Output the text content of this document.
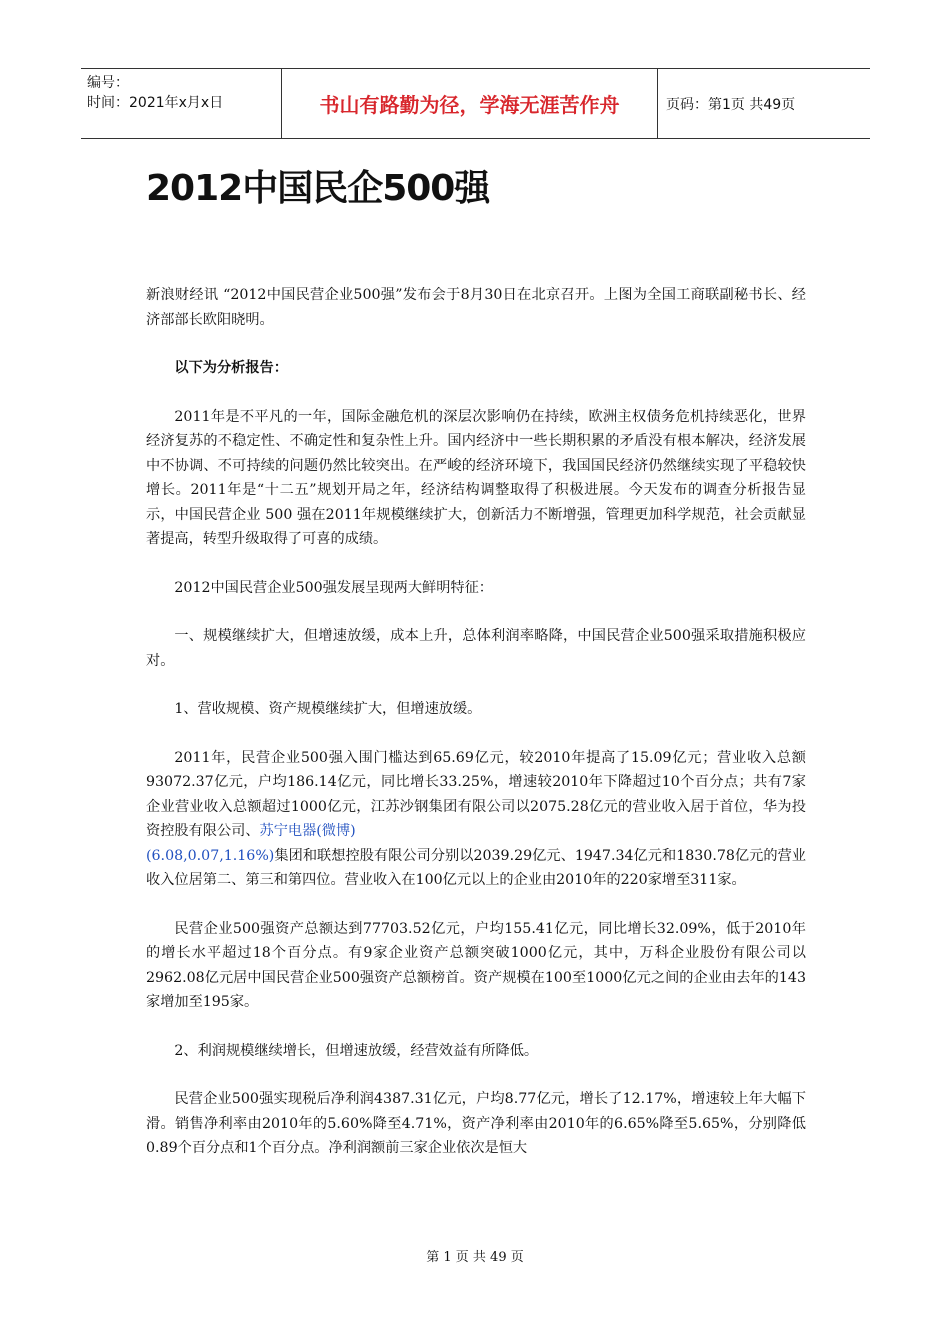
编号：
时间：2021年x月x日	书山有路勤为径，学海无涯苦作舟	页码：第1页 共49页
2012中国民企500强

新浪财经讯 “2012中国民营企业500强”发布会于8月30日在北京召开。上图为全国工商联副秘书长、经济部部长欧阳晓明。

以下为分析报告：

2011年是不平凡的一年，国际金融危机的深层次影响仍在持续，欧洲主权债务危机持续恶化，世界经济复苏的不稳定性、不确定性和复杂性上升。国内经济中一些长期积累的矛盾没有根本解决，经济发展中不协调、不可持续的问题仍然比较突出。在严峻的经济环境下，我国国民经济仍然继续实现了平稳较快增长。2011年是“十二五”规划开局之年，经济结构调整取得了积极进展。今天发布的调查分析报告显示，中国民营企业 500 强在2011年规模继续扩大，创新活力不断增强，管理更加科学规范，社会贡献显著提高，转型升级取得了可喜的成绩。

2012中国民营企业500强发展呈现两大鲜明特征：

一、规模继续扩大，但增速放缓，成本上升，总体利润率略降，中国民营企业500强采取措施积极应对。

1、营收规模、资产规模继续扩大，但增速放缓。

2011年，民营企业500强入围门槛达到65.69亿元，较2010年提高了15.09亿元；营业收入总额93072.37亿元，户均186.14亿元，同比增长33.25%，增速较2010年下降超过10个百分点；共有7家企业营业收入总额超过1000亿元，江苏沙钢集团有限公司以2075.28亿元的营业收入居于首位，华为投资控股有限公司、苏宁电器(微博)
(6.08,0.07,1.16%)集团和联想控股有限公司分别以2039.29亿元、1947.34亿元和1830.78亿元的营业收入位居第二、第三和第四位。营业收入在100亿元以上的企业由2010年的220家增至311家。

民营企业500强资产总额达到77703.52亿元，户均155.41亿元，同比增长32.09%，低于2010年的增长水平超过18个百分点。有9家企业资产总额突破1000亿元，其中，万科企业股份有限公司以2962.08亿元居中国民营企业500强资产总额榜首。资产规模在100至1000亿元之间的企业由去年的143家增加至195家。

2、利润规模继续增长，但增速放缓，经营效益有所降低。

民营企业500强实现税后净利润4387.31亿元，户均8.77亿元，增长了12.17%，增速较上年大幅下滑。销售净利率由2010年的5.60%降至4.71%，资产净利率由2010年的6.65%降至5.65%，分别降低0.89个百分点和1个百分点。净利润额前三家企业依次是恒大

第 1 页 共 49 页
